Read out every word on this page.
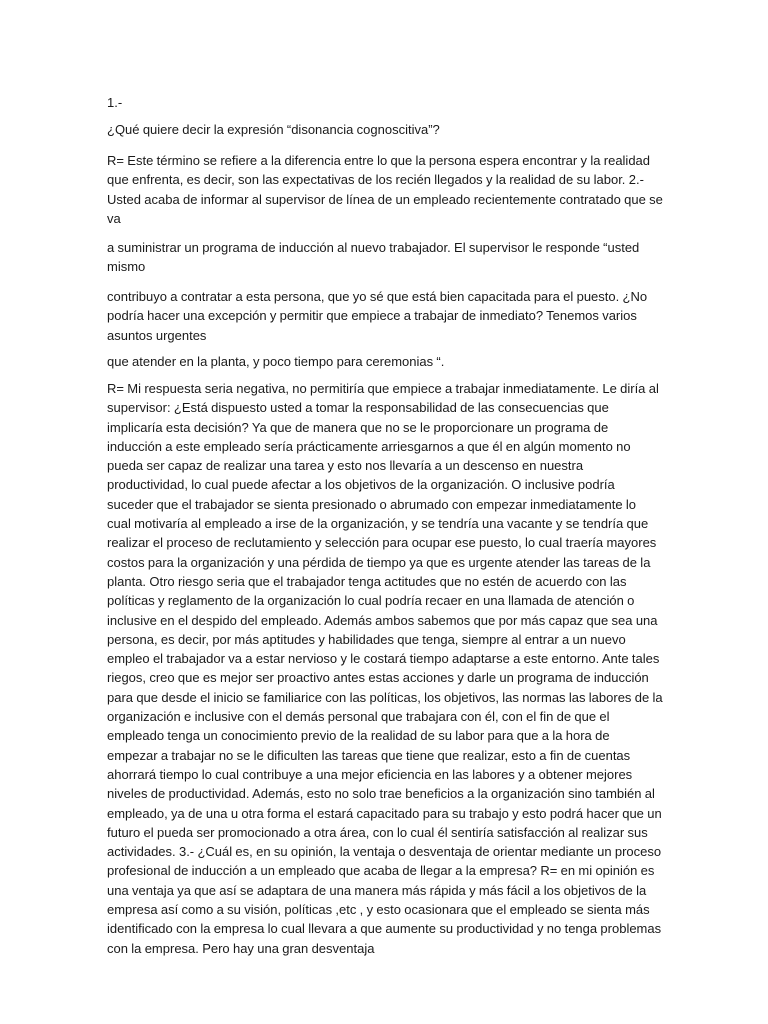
1.-
¿Qué quiere decir la expresión “disonancia cognoscitiva”?
R= Este término se refiere a la diferencia entre lo que la persona espera encontrar y la realidad que enfrenta, es decir, son las expectativas de los recién llegados y la realidad de su labor. 2.- Usted acaba de informar al supervisor de línea de un empleado recientemente contratado que se va
a suministrar un programa de inducción al nuevo trabajador. El supervisor le responde “usted mismo
contribuyo a contratar a esta persona, que yo sé que está bien capacitada para el puesto. ¿No podría hacer una excepción y permitir que empiece a trabajar de inmediato? Tenemos varios asuntos urgentes
que atender en la planta, y poco tiempo para ceremonias “.
R= Mi respuesta seria negativa, no permitiría que empiece a trabajar inmediatamente. Le diría al supervisor: ¿Está dispuesto usted a tomar la responsabilidad de las consecuencias que implicaría esta decisión? Ya que de manera que no se le proporcionare un programa de inducción a este empleado sería prácticamente arriesgarnos a que él en algún momento no pueda ser capaz de realizar una tarea y esto nos llevaría a un descenso en nuestra productividad, lo cual puede afectar a los objetivos de la organización. O inclusive podría suceder que el trabajador se sienta presionado o abrumado con empezar inmediatamente lo cual motivaría al empleado a irse de la organización, y se tendría una vacante y se tendría que realizar el proceso de reclutamiento y selección para ocupar ese puesto, lo cual traería mayores costos para la organización y una pérdida de tiempo ya que es urgente atender las tareas de la planta. Otro riesgo seria que el trabajador tenga actitudes que no estén de acuerdo con las políticas y reglamento de la organización lo cual podría recaer en una llamada de atención o inclusive en el despido del empleado. Además ambos sabemos que por más capaz que sea una persona, es decir, por más aptitudes y habilidades que tenga, siempre al entrar a un nuevo empleo el trabajador va a estar nervioso y le costará tiempo adaptarse a este entorno. Ante tales riegos, creo que es mejor ser proactivo antes estas acciones y darle un programa de inducción para que desde el inicio se familiarice con las políticas, los objetivos, las normas las labores de la organización e inclusive con el demás personal que trabajara con él, con el fin de que el empleado tenga un conocimiento previo de la realidad de su labor para que a la hora de empezar a trabajar no se le dificulten las tareas que tiene que realizar, esto a fin de cuentas ahorrará tiempo lo cual contribuye a una mejor eficiencia en las labores y a obtener mejores niveles de productividad. Además, esto no solo trae beneficios a la organización sino también al empleado, ya de una u otra forma el estará capacitado para su trabajo y esto podrá hacer que un futuro el pueda ser promocionado a otra área, con lo cual él sentiría satisfacción al realizar sus actividades. 3.- ¿Cuál es, en su opinión, la ventaja o desventaja de orientar mediante un proceso profesional de inducción a un empleado que acaba de llegar a la empresa? R= en mi opinión es una ventaja ya que así se adaptara de una manera más rápida y más fácil a los objetivos de la empresa así como a su visión, políticas ,etc , y esto ocasionara que el empleado se sienta más identificado con la empresa lo cual llevara a que aumente su productividad y no tenga problemas con la empresa. Pero hay una gran desventaja
